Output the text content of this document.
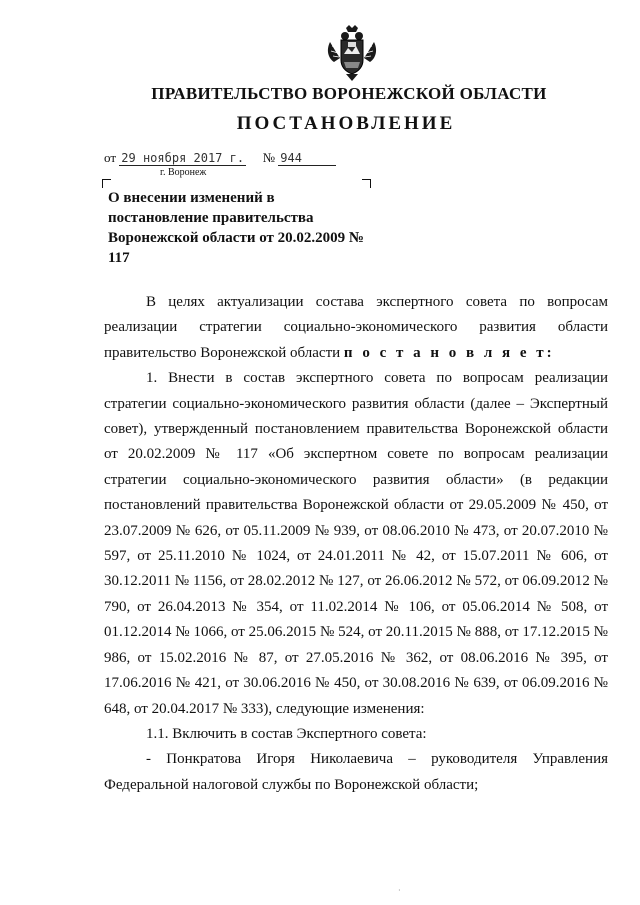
ПРАВИТЕЛЬСТВО ВОРОНЕЖСКОЙ ОБЛАСТИ
ПОСТАНОВЛЕНИЕ
от 29 ноября 2017 г. № 944
г. Воронеж
О внесении изменений в постановление правительства Воронежской области от 20.02.2009 № 117

В целях актуализации состава экспертного совета по вопросам реализации стратегии социально-экономического развития области правительство Воронежской области п о с т а н о в л я е т:

1. Внести в состав экспертного совета по вопросам реализации стратегии социально-экономического развития области (далее – Экспертный совет), утвержденный постановлением правительства Воронежской области от 20.02.2009 № 117 «Об экспертном совете по вопросам реализации стратегии социально-экономического развития области» (в редакции постановлений правительства Воронежской области от 29.05.2009 № 450, от 23.07.2009 № 626, от 05.11.2009 № 939, от 08.06.2010 № 473, от 20.07.2010 № 597, от 25.11.2010 № 1024, от 24.01.2011 № 42, от 15.07.2011 № 606, от 30.12.2011 № 1156, от 28.02.2012 № 127, от 26.06.2012 № 572, от 06.09.2012 № 790, от 26.04.2013 № 354, от 11.02.2014 № 106, от 05.06.2014 № 508, от 01.12.2014 № 1066, от 25.06.2015 № 524, от 20.11.2015 № 888, от 17.12.2015 № 986, от 15.02.2016 № 87, от 27.05.2016 № 362, от 08.06.2016 № 395, от 17.06.2016 № 421, от 30.06.2016 № 450, от 30.08.2016 № 639, от 06.09.2016 № 648, от 20.04.2017 № 333), следующие изменения:

1.1. Включить в состав Экспертного совета:

- Понкратова Игоря Николаевича – руководителя Управления Федеральной налоговой службы по Воронежской области;

·
